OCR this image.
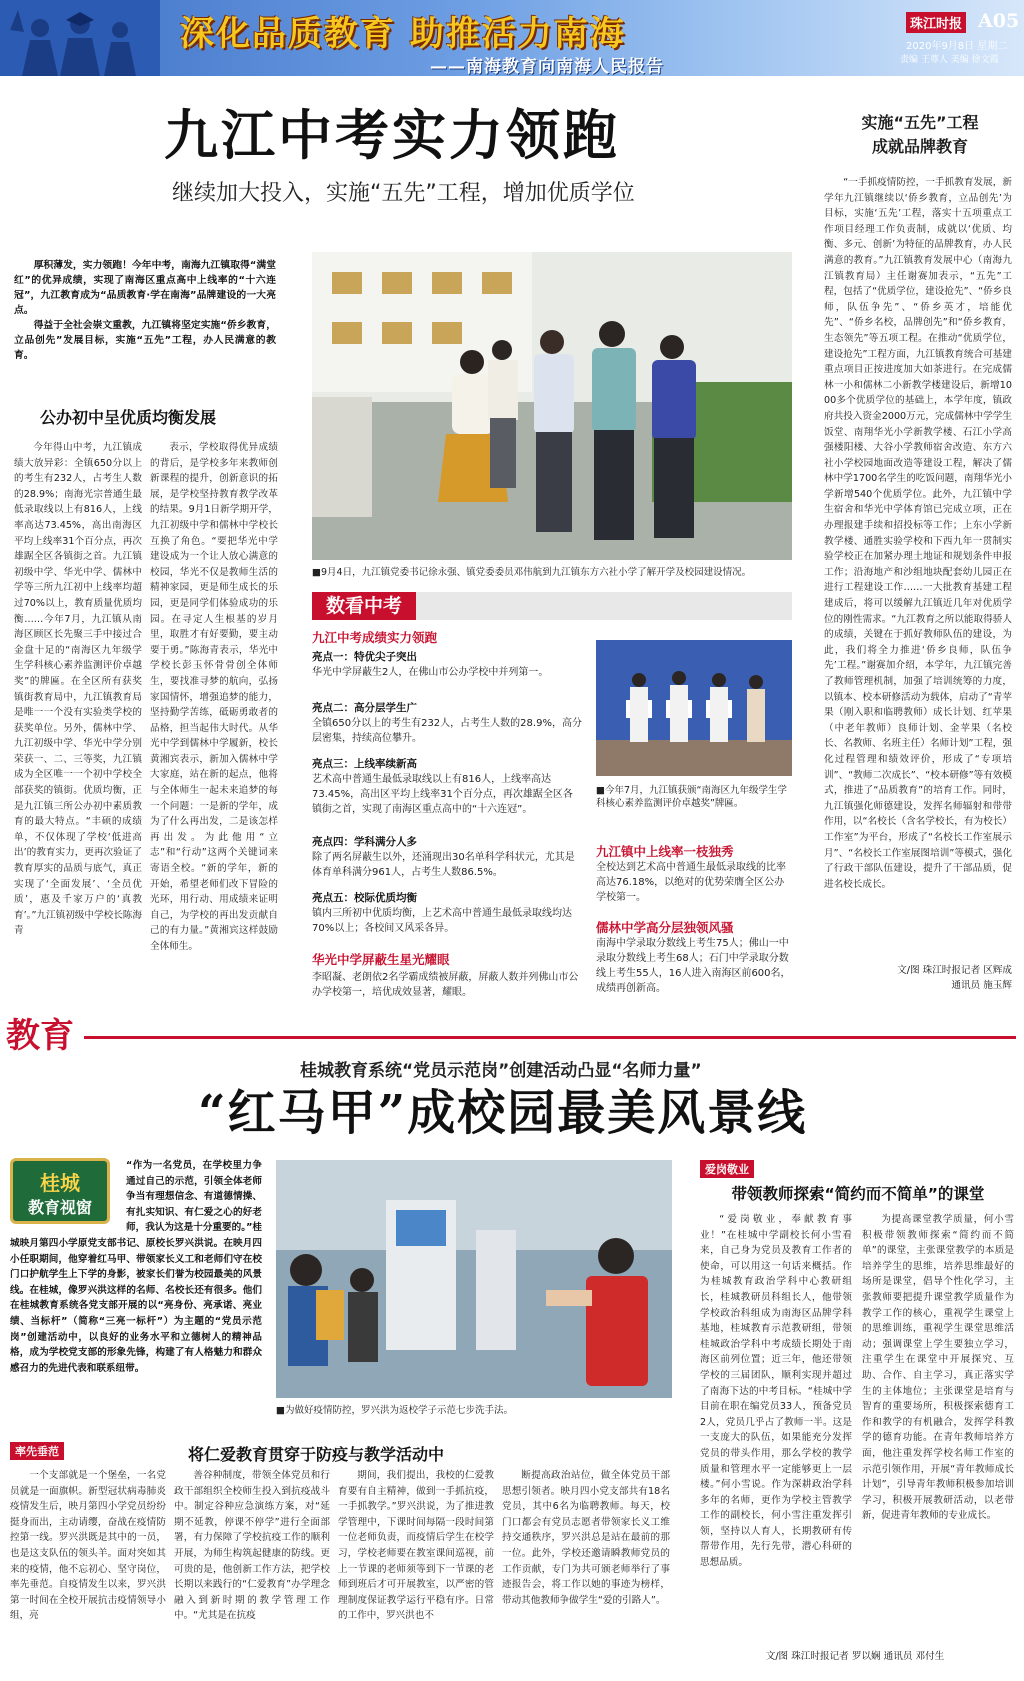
深化品质教育 助推活力南海
——南海教育向南海人民报告
珠江时报 A05
2020年9月8日 星期二
责编 王尊人 美编 徐文霞
九江中考实力领跑
继续加大投入，实施“五先”工程，增加优质学位

厚积薄发，实力领跑！今年中考，南海九江镇取得“满堂红”的优异成绩，实现了南海区重点高中上线率的“十六连冠”，九江教育成为“品质教育·学在南海”品牌建设的一大亮点。

得益于全社会崇文重教，九江镇将坚定实施“侨乡教育，立品创先”发展目标，实施“五先”工程，办人民满意的教育。

公办初中呈优质均衡发展

今年得山中考，九江镇成绩大放异彩：全镇650分以上的考生有232人，占考生人数的28.9%；南海光宗普通生最低录取线以上有816人，上线率高达73.45%，高出南海区平均上线率31个百分点，再次雄踞全区各镇街之首。九江镇初级中学、华光中学、儒林中学等三所九江初中上线率均超过70%以上，教育质量优质均衡……今年7月，九江镇从南海区顾区长先聚三手中接过合金盘十足的“南海区九年级学生学科核心素养监测评价卓越奖”的牌匾。在全区所有获奖镇街教育局中，九江镇教育局是唯一一个没有实验类学校的获奖单位。另外，儒林中学、九江初级中学、华光中学分别荣获一、二、三等奖，九江镇成为全区唯一一个初中学校全部获奖的镇街。优质均衡，正是九江镇三所公办初中素质教育的最大特点。“丰硕的成绩单，不仅体现了学校‘低进高出’的教育实力，更再次验证了教育厚实的品质与底气，真正实现了‘全面发展’、‘全员优质’，惠及千家万户的‘真教育’。”九江镇初级中学校长陈海青

表示，学校取得优异成绩的背后，是学校多年来教师创新课程的提升，创新意识的拓展，是学校坚持教育教学改革的结果。9月1日新学期开学，九江初级中学和儒林中学校长互换了角色。“要把华光中学建设成为一个让人放心满意的校园，华光不仅是教师生活的精神家园，更是师生成长的乐园，更是同学们体验成功的乐园。在寻定人生根基的岁月里，取胜才有好要勤，要主动要于勇。”陈海青表示，华光中学校长彭玉怀骨骨创全体师生，要找准寻梦的航向，弘扬家国情怀，增强追梦的能力，坚持勤学苦练，砥砺勇敢者的品格，担当起伟大时代。从华光中学到儒林中学履新，校长黄湘宾表示，新加入儒林中学大家庭，站在新的起点，他将与全体师生一起未来追梦的每一个问题：一是新的学年，成为了什么再出发，二是该怎样再出发。为此他用“立志”和“行动”这两个关键词来寄语全校。“新的学年，新的开始，希望老师们改下冒险的光环，用行动、用成绩来证明自己，为学校的再出发贡献自己的有力量。”黄湘宾这样鼓励全体师生。

■9月4日，九江镇党委书记徐永强、镇党委委员邓伟航到九江镇东方六社小学了解开学及校园建设情况。
数看中考
九江中考成绩实力领跑
亮点一：特优尖子突出
华光中学屏蔽生2人，在佛山市公办学校中并列第一。
亮点二：高分层学生广
全镇650分以上的考生有232人，占考生人数的28.9%，高分层密集，持续高位攀升。
亮点三：上线率续新高
艺术高中普通生最低录取线以上有816人，上线率高达73.45%，高出区平均上线率31个百分点，再次雄踞全区各镇街之首，实现了南海区重点高中的“十六连冠”。
亮点四：学科满分人多
除了两名屏蔽生以外，还涌现出30名单科学科状元，尤其是体育单科满分961人，占考生人数86.5%。
亮点五：校际优质均衡
镇内三所初中优质均衡，上艺术高中普通生最低录取线均达70%以上；各校间又风采各异。
华光中学屏蔽生星光耀眼
李昭凝、老朗依2名学霸成绩被屏蔽，屏蔽人数并列佛山市公办学校第一，培优成效显著，耀眼。
■今年7月，九江镇获颁“南海区九年级学生学科核心素养监测评价卓越奖”牌匾。
九江镇中上线率一枝独秀
全校达到艺术高中普通生最低录取线的比率高达76.18%，以绝对的优势荣膺全区公办学校第一。
儒林中学高分层独领风骚
南海中学录取分数线上考生75人；佛山一中录取分数线上考生68人；石门中学录取分数线上考生55人，16人进入南海区前600名，成绩再创新高。
实施“五先”工程
成就品牌教育

“一手抓疫情防控，一手抓教育发展，新学年九江镇继续以‘侨乡教育，立品创先’为目标，实施‘五先’工程，落实十五项重点工作项目经理工作负责制，成就以‘优质、均衡、多元、创新’为特征的品牌教育，办人民满意的教育。”九江镇教育发展中心（南海九江镇教育局）主任谢赛加表示，“五先”工程，包括了“优质学位，建设抢先”、“侨乡良师，队伍争先”、“侨乡英才，培能优先”、“侨乡名校，品牌创先”和“侨乡教育，生态领先”等五项工程。在推动“优质学位，建设抢先”工程方面，九江镇教育统合可基建重点项目正按进度加大如茶进行。在完成儒林一小和儒林二小新教学楼建设后，新增1000多个优质学位的基础上，本学年度，镇政府共投入资金2000万元，完成儒林中学学生饭堂、南翔华光小学新教学楼、石江小学高强楼阳楼、大谷小学教师宿舍改造、东方六社小学校园地面改造等建设工程，解决了儒林中学1700名学生的吃饭问题，南翔华光小学新增540个优质学位。此外，九江镇中学生宿舍和华光中学体育馆已完成立项，正在办理报建手续和招投标等工作；上东小学新教学楼、通胜实验学校和下西九年一贯制实验学校正在加紧办理土地证和规划条件申报工作；沿海地产和沙组地块配套幼儿园正在进行工程建设工作……一大批教育基建工程建成后，将可以缓解九江镇近几年对优质学位的刚性需求。“九江教育之所以能取得骄人的成绩，关键在于抓好教师队伍的建设，为此，我们将全力推进‘侨乡良师，队伍争先’工程。”谢赛加介绍，本学年，九江镇完善了教师管理机制，加强了培训统筹的力度，以镇本、校本研修活动为载体，启动了“青苹果（刚入职和临聘教师）成长计划、红苹果（中老年教师）良师计划、金苹果（名校长、名教师、名班主任）名师计划”工程，强化过程管理和绩效评价，形成了“专项培训”、“教师二次成长”、“校本研修”等有效模式，推进了“品质教育”的培育工作。同时，九江镇强化师德建设，发挥名师辐射和带带作用，以“名校长（含名学校长，有为校长）工作室”为平台，形成了“名校长工作室展示月”、“名校长工作室展图培训”等模式，强化了行政干部队伍建设，提升了干部品质，促进名校长成长。

文/图 珠江时报记者 区辉成
通讯员 施玉辉
教育
桂城教育系统“党员示范岗”创建活动凸显“名师力量”
“红马甲”成校园最美风景线
桂城
教育视窗
“作为一名党员，在学校里力争通过自己的示范，引领全体老师争当有理想信念、有道德情操、有扎实知识、有仁爱之心的好老师，我认为这是十分重要的。”桂城映月第四小学原党支部书记、原校长罗兴洪说。在映月四小任职期间，他穿着红马甲、带领家长义工和老师们守在校门口护航学生上下学的身影，被家长们誉为校园最美的风景线。在桂城，像罗兴洪这样的名师、名校长还有很多。他们在桂城教育系统各党支部开展的以“亮身份、亮承诺、亮业绩、当标杆”（简称“三亮一标杆”）为主题的“党员示范岗”创建活动中，以良好的业务水平和立德树人的精神品格，成为学校党支部的形象先锋，构建了有人格魅力和群众感召力的先进代表和联系纽带。
■为做好疫情防控，罗兴洪为返校学子示范七步洗手法。
率先垂范	将仁爱教育贯穿于防疫与教学活动中

一个支部就是一个堡垒，一名党员就是一面旗帜。新型冠状病毒肺炎疫情发生后，映月第四小学党员纷纷挺身而出，主动请缨，奋战在疫情防控第一线。罗兴洪既是其中的一员，也是这支队伍的领头羊。面对突如其来的疫情，他不忘初心、坚守岗位，率先垂范。自疫情发生以来，罗兴洪第一时间在全校开展抗击疫情领导小组，亮

善谷种制度，带领全体党员和行政干部组织全校师生投入到抗疫战斗中。制定谷种应急演练方案，对“延期不延教，停课不停学”进行全面部署，有力保障了学校抗疫工作的顺利开展，为师生构筑起健康的防线。更可贵的是，他创新工作方法，把学校长期以来践行的“仁爱教育”办学理念融入到新时期的教学管理工作中。“尤其是在抗疫

期间，我们提出，我校的仁爱教育要有自主精神，做到一手抓抗疫，一手抓教学。”罗兴洪说，为了推进教学管理中，下课时间每隔一段时间第一位老师负责，而疫情后学生在校学习，学校老师要在教室课间巡视，前上一节课的老师须等到下一节课的老师到班后才可开展教室，以严密的管理制度保证教学运行平稳有序。日常的工作中，罗兴洪也不

断提高政治站位，做全体党员干部思想引领者。映月四小党支部共有18名党员，其中6名为临聘教师。每天，校门口都会有党员志愿者带领家长义工维持交通秩序，罗兴洪总是站在最前的那一位。此外，学校还邀请瞬教师党员的工作贡献，专门为共可颁老师举行了事迹报告会，将工作以她的事迹为榜样，带动其他教师争做学生“爱的引路人”。

爱岗敬业
带领教师探索“简约而不简单”的课堂

“爱岗敬业，奉献教育事业！”在桂城中学副校长何小雪看来，自己身为党员及教育工作者的使命，可以用这一句话来概括。作为桂城教育政治学科中心教研组长，桂城教研员科组长人，他带领学校政治科组成为南海区品牌学科基地，桂城教育示范教研组，带领桂城政治学科中考成绩长期处于南海区前列位置；近三年，他还带领学校的三届团队，顺利实现并超过了南海下达的中考目标。“桂城中学目前在职在编党员33人，预备党员2人，党员几乎占了教师一半。这是一支庞大的队伍，如果能充分发挥党员的带头作用，那么学校的教学质量和管理水平一定能够更上一层楼。”何小雪说。作为深耕政治学科多年的名师，更作为学校主管教学工作的副校长，何小雪注重发挥引领，坚持以人育人，长期教研有传帮带作用，先行先带，潜心科研的思想品质。

为提高课堂教学质量，何小雪积极带领教师探索“简约而不简单”的课堂，主张课堂教学的本质是培养学生的思维，培养思维最好的场所是课堂，倡导个性化学习，主张教师要把提升课堂教学质量作为教学工作的核心，重视学生课堂上的思维训练，重视学生课堂思维活动；强调课堂上学生要独立学习，注重学生在课堂中开展探究、互助、合作、自主学习，真正落实学生的主体地位；主张课堂是培育与智育的重要场所，积极探索德育工作和教学的有机融合，发挥学科教学的德育功能。在青年教师培养方面，他注重发挥学校名师工作室的示范引领作用，开展“青年教师成长计划”，引导青年教师积极参加培训学习，积极开展教研活动，以老带新，促进青年教师的专业成长。

文/图 珠江时报记者 罗以娴 通讯员 邓付生
